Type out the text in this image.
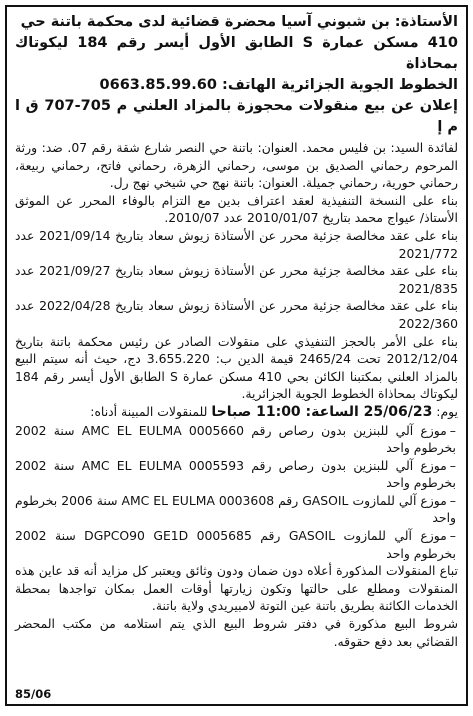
الأستاذة: بن شبوني آسيا محضرة قضائية لدى محكمة باتنة حي

410 مسكن عمارة S الطابق الأول أيسر رقم 184 ليكوتاك بمحاذاة

الخطوط الجوية الجزائرية الهاتف: 0663.85.99.60

إعلان عن بيع منقولات محجوزة بالمزاد العلني م 705-707 ق ا م إ

لفائدة السيد: بن فليس محمد. العنوان: باتنة حي النصر شارع شقة رقم 07. ضد: ورثة المرحوم رحماني الصديق بن موسى، رحماني الزهرة، رحماني فاتح، رحماني ربيعة، رحماني حورية، رحماني جميلة. العنوان: باتنة نهج حي شيخي نهج رل.

بناء على النسخة التنفيذية لعقد اعتراف بدين مع التزام بالوفاء المحرر عن الموثق الأستاذ/ عيواج محمد بتاريخ 2010/01/07 عدد 2010/07.

بناء على عقد مخالصة جزئية محرر عن الأستاذة زيوش سعاد بتاريخ 2021/09/14 عدد 2021/772

بناء على عقد مخالصة جزئية محرر عن الأستاذة زيوش سعاد بتاريخ 2021/09/27 عدد 2021/835

بناء على عقد مخالصة جزئية محرر عن الأستاذة زيوش سعاد بتاريخ 2022/04/28 عدد 2022/360

بناء على الأمر بالحجز التنفيذي على منقولات الصادر عن رئيس محكمة باتنة بتاريخ 2012/12/04 تحت 2465/24 قيمة الدين ب: 3.655.220 دج، حيث أنه سيتم البيع بالمزاد العلني بمكتبنا الكائن بحي 410 مسكن عمارة S الطابق الأول أيسر رقم 184 ليكوتاك بمحاذاة الخطوط الجوية الجزائرية.

يوم: 25/06/23 الساعة: 11:00 صباحا للمنقولات المبينة أدناه:

–موزع آلي للبنزين بدون رصاص رقم AMC EL EULMA 0005660 سنة 2002 بخرطوم واحد
–موزع آلي للبنزين بدون رصاص رقم AMC EL EULMA 0005593 سنة 2002 بخرطوم واحد
–موزع آلي للمازوت GASOIL رقم AMC EL EULMA 0003608 سنة 2006 بخرطوم واحد
–موزع آلي للمازوت GASOIL رقم 0005685 DGPCO90 GE1D سنة 2002 بخرطوم واحد

تباع المنقولات المذكورة أعلاه دون ضمان ودون وثائق ويعتبر كل مزايد أنه قد عاين هذه المنقولات ومطلع على حالتها وتكون زيارتها أوقات العمل بمكان تواجدها بمحطة الخدمات الكائنة بطريق باتنة عين التوتة لامبيريدي ولاية باتنة.

شروط البيع مذكورة في دفتر شروط البيع الذي يتم استلامه من مكتب المحضر القضائي بعد دفع حقوقه.

85/06
